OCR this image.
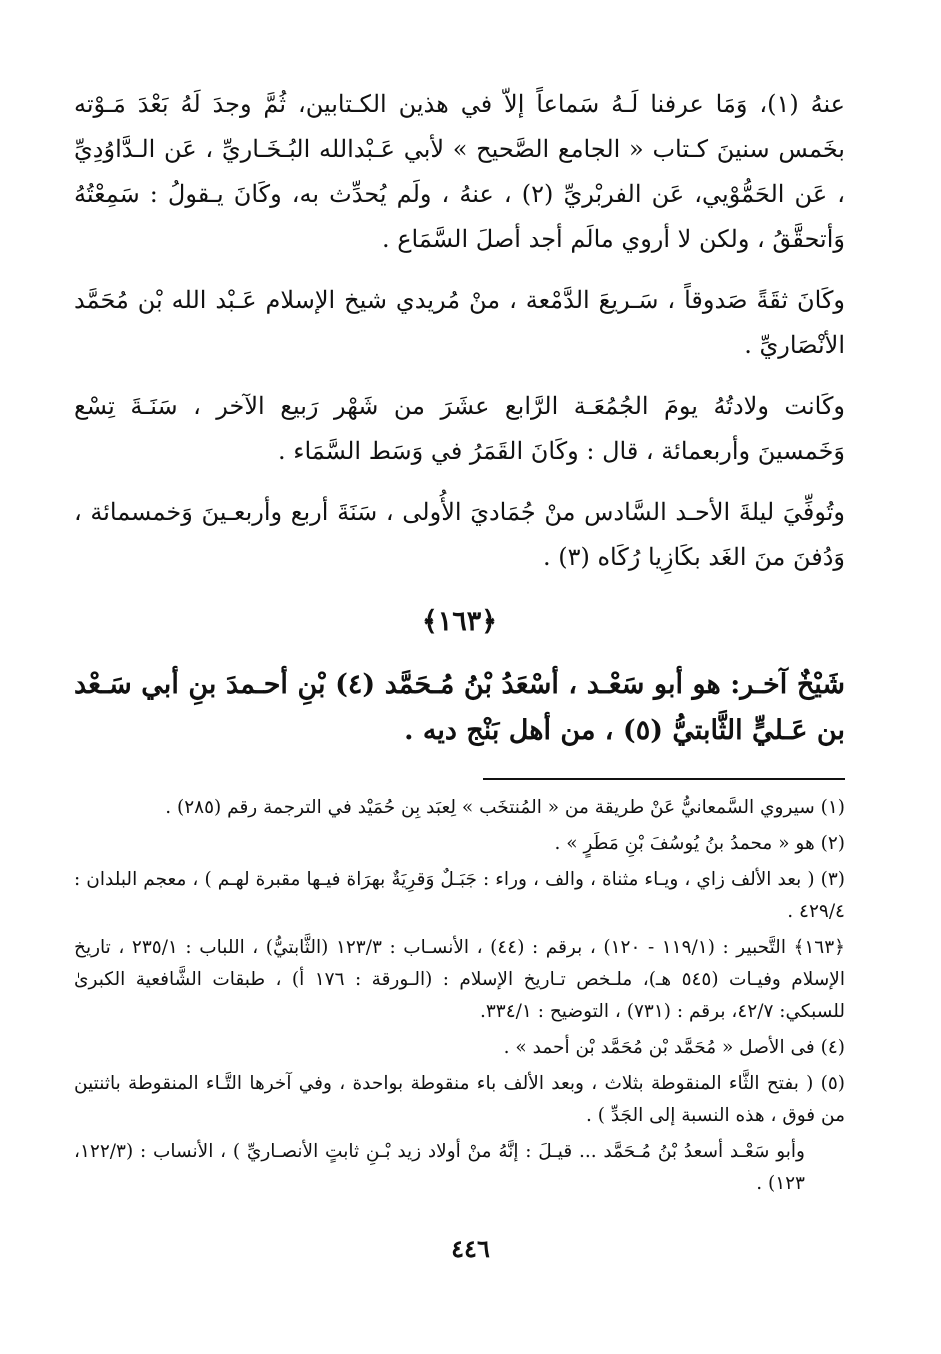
عنهُ (١)، وَمَا عرفنا لَـهُ سَماعاً إلاّ في هذين الكـتابين، ثُمَّ وجدَ لَهُ بَعْدَ مَـوْته بخَمس سنينَ كـتاب « الجامع الصَّحيح » لأبي عَـبْدالله البُـخَـاريِّ ، عَن الـدَّاوُدِيِّ ، عَن الحَمُّوْيي، عَن الفربْريِّ (٢) ، عنهُ ، ولَم يُحدِّث به، وكَانَ يـقولُ : سَمِعْتُهُ وَأتحقَّقُ ، ولكن لا أروي مالَم أجد أصلَ السَّمَاع .

وكَانَ ثقَةً صَدوقاً ، سَـريعَ الدَّمْعة ، منْ مُريدي شيخ الإسلام عَـبْد الله بْن مُحَمَّد الأنْصَاريِّ .

وكَانت ولادتُهُ يومَ الجُمُعَـة الرَّابع عشَرَ من شَهْر رَبيع الآخر ، سَنَـةَ تِسْع وَخَمسينَ وأربعمائة ، قال : وكَانَ القَمَرُ في وَسَط السَّمَاء .

وتُوفِّيَ ليلةَ الأحـد السَّادس منْ جُمَاديَ الأُولى ، سَنَةَ أربع وأربعـينَ وَخمسمائة ، وَدُفنَ منَ الغَد بكَازِيا رُكَاه (٣) .

﴿١٦٣﴾
شَيْخٌ آخـر: هو أبو سَعْـد ، أسْعَدُ بْنُ مُـحَمَّد (٤) بْنِ أحـمدَ بنِ أبي سَـعْد بن عَـليٍّ الثَّابتيُّ (٥) ، من أهل بَنْج ديه .

(١) سيروي السَّمعانيُّ عَنْ طريقة من « المُنتخَب » لِعبَد بِن حُمَيْد في الترجمة رقم (٢٨٥) .

(٢) هو « محمدُ بنُ يُوسُفَ بْنِ مَطَرٍ » .

(٣) ( بعد الألف زاي ، ويـاء مثناة ، والف ، وراء : جَبَـلٌ وَقرِيَةٌ بهرَاة فيـها مقبرة لهـم ) ، معجم البلدان : ٤٢٩/٤ .

﴿١٦٣﴾ التَّحبير : (١١٩/١ - ١٢٠) ، برقم : (٤٤) ، الأنسـاب : ١٢٣/٣ (الثَّابتيُّ) ، اللباب : ٢٣٥/١ ، تاريخ الإسلام وفيـات (٥٤٥ هـ)، ملـخص تـاريخ الإسلام : (الـورقة : ١٧٦ أ) ، طبقات الشَّافعية الكبرىٰ للسبكي: ٤٢/٧، برقم : (٧٣١) ، التوضيح : ٣٣٤/١.

(٤) فى الأصل « مُحَمَّد بْن مُحَمَّد بْن أحمد » .

(٥) ( بفتح الثَّاء المنقوطة بثلاث ، وبعد الألف باء منقوطة بواحدة ، وفي آخرها التَّـاء المنقوطة باثنتين من فوق ، هذه النسبة إلى الجَدِّ ) .

وأبو سَعْـد أسعدُ بْنُ مُـحَمَّد ... قيـلَ : إنَّهُ منْ أولاد زيد بْـنِ ثابتٍ الأنصـاريِّ ) ، الأنساب : (١٢٢/٣، ١٢٣) .

٤٤٦
